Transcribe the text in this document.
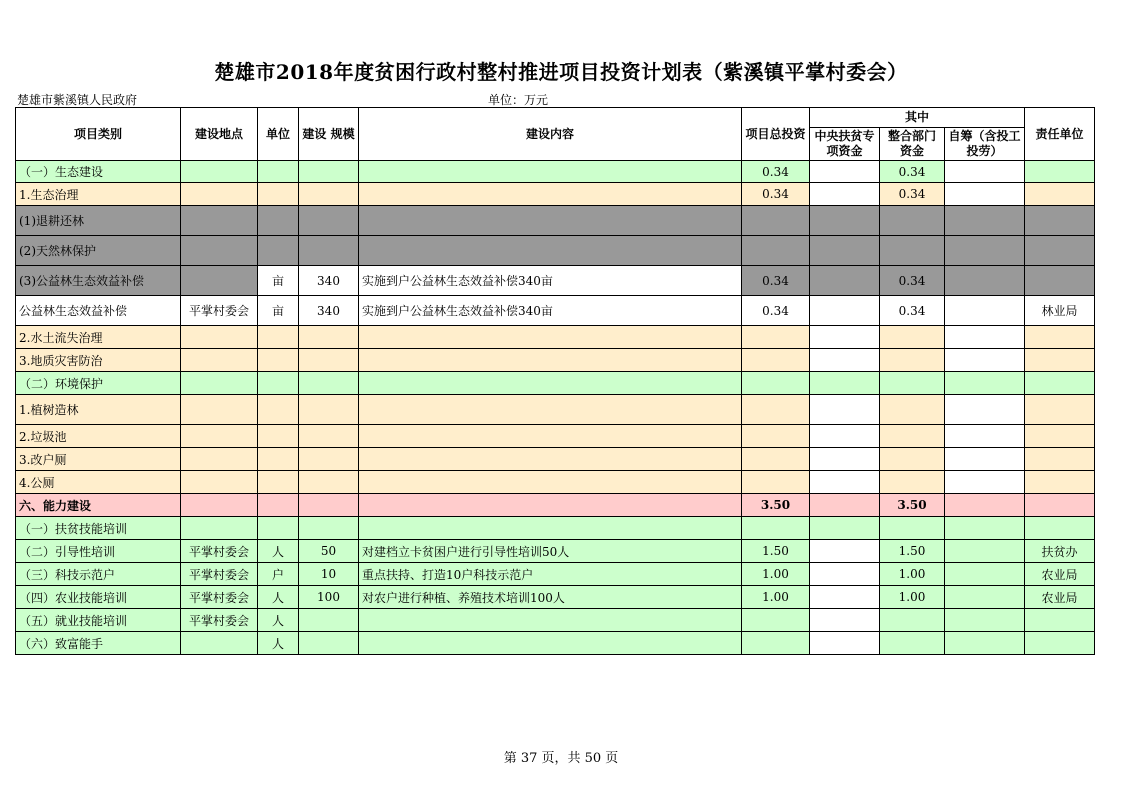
楚雄市2018年度贫困行政村整村推进项目投资计划表（紫溪镇平掌村委会）
楚雄市紫溪镇人民政府	单位：万元
项目类别	建设地点	单位	建设 规模	建设内容	项目总投资	其中			责任单位
						中央扶贫专项资金	整合部门资金	自筹（含投工投劳）	
（一）生态建设					0.34		0.34		
1.生态治理					0.34		0.34		
(1)退耕还林									
(2)天然林保护									
(3)公益林生态效益补偿		亩	340	实施到户公益林生态效益补偿340亩	0.34		0.34		
公益林生态效益补偿	平掌村委会	亩	340	实施到户公益林生态效益补偿340亩	0.34		0.34		林业局
2.水土流失治理									
3.地质灾害防治									
（二）环境保护									
1.植树造林									
2.垃圾池									
3.改户厕									
4.公厕									
六、能力建设					3.50		3.50		
（一）扶贫技能培训									
（二）引导性培训	平掌村委会	人	50	对建档立卡贫困户进行引导性培训50人	1.50		1.50		扶贫办
（三）科技示范户	平掌村委会	户	10	重点扶持、打造10户科技示范户	1.00		1.00		农业局
（四）农业技能培训	平掌村委会	人	100	对农户进行种植、养殖技术培训100人	1.00		1.00		农业局
（五）就业技能培训	平掌村委会	人							
（六）致富能手		人							
第 37 页，共 50 页
